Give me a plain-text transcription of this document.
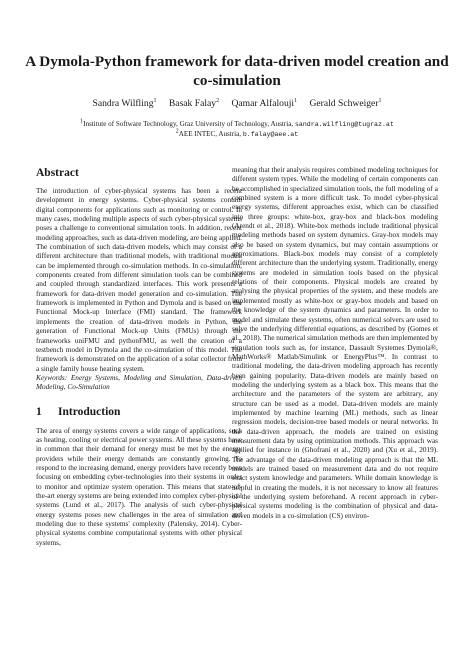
A Dymola-Python framework for data-driven model creation and co-simulation
Sandra Wilfling$^1$ Basak Falay$^2$ Qamar Alfalouji$^1$ Gerald Schweiger$^1$
$^1$Institute of Software Technology, Graz University of Technology, Austria, sandra.wilfling@tugraz.at
$^2$AEE INTEC, Austria, b.falay@aee.at
Abstract

The introduction of cyber-physical systems has been a recent development in energy systems. Cyber-physical systems contain digital components for applications such as monitoring or control. In many cases, modeling multiple aspects of such cyber-physical systems poses a challenge to conventional simulation tools. In addition, recent modeling approaches, such as data-driven modeling, are being applied. The combination of such data-driven models, which may consist of a different architecture than traditional models, with traditional models can be implemented through co-simulation methods. In co-simulation, components created from different simulation tools can be combined and coupled through standardized interfaces. This work presents a framework for data-driven model generation and co-simulation. The framework is implemented in Python and Dymola and is based on the Functional Mock-up Interface (FMI) standard. The framework implements the creation of data-driven models in Python, the generation of Functional Mock-up Units (FMUs) through the frameworks uniFMU and pythonFMU, as well the creation of a testbench model in Dymola and the co-simulation of this model. The framework is demonstrated on the application of a solar collector from a single family house heating system.

Keywords: Energy Systems, Modeling and Simulation, Data-driven Modeling, Co-Simulation

1 Introduction

The area of energy systems covers a wide range of applications, such as heating, cooling or electrical power systems. All these systems have in common that their demand for energy must be met by the energy providers while their energy demands are constantly growing. To respond to the increasing demand, energy providers have recently been focusing on embedding cyber-technologies into their systems in order to monitor and optimize system operation. This means that state-of-the-art energy systems are being extended into complex cyber-physical systems (Lund et al., 2017). The analysis of such cyber-physical energy systems poses new challenges in the area of simulation and modeling due to these systems' complexity (Palensky, 2014). Cyber-physical systems combine computational systems with other physical systems,

meaning that their analysis requires combined modeling techniques for different system types. While the modeling of certain components can be accomplished in specialized simulation tools, the full modeling of a combined system is a more difficult task. To model cyber-physical energy systems, different approaches exist, which can be classified into three groups: white-box, gray-box and black-box modeling (Arendt et al., 2018). White-box methods include traditional physical modeling methods based on system dynamics. Gray-box models may also be based on system dynamics, but may contain assumptions or approximations. Black-box models may consist of a completely different architecture than the underlying system. Traditionally, energy systems are modeled in simulation tools based on the physical relations of their components. Physical models are created by analysing the physical properties of the system, and these models are implemented mostly as white-box or gray-box models and based on the knowledge of the system dynamics and parameters. In order to model and simulate these systems, often numerical solvers are used to solve the underlying differential equations, as described by (Gomes et al., 2018). The numerical simulation methods are then implemented by simulation tools such as, for instance, Dassault Systemes Dymola®, MathWorks® Matlab/Simulink or EnergyPlus™. In contrast to traditional modeling, the data-driven modeling approach has recently been gaining popularity. Data-driven models are mainly based on modeling the underlying system as a black box. This means that the architecture and the parameters of the system are arbitrary, any structure can be used as a model. Data-driven models are mainly implemented by machine learning (ML) methods, such as linear regression models, decision-tree based models or neural networks. In the data-driven approach, the models are trained on existing measurement data by using optimization methods. This approach was applied for instance in (Ghofrani et al., 2020) and (Xu et al., 2019). The advantage of the data-driven modeling approach is that the ML models are trained based on measurement data and do not require exact system knowledge and parameters. While domain knowledge is helpful in creating the models, it is not necessary to know all features of the underlying system beforehand. A recent approach in cyber-physical systems modeling is the combination of physical and data-driven models in a co-simulation (CS) environ-
